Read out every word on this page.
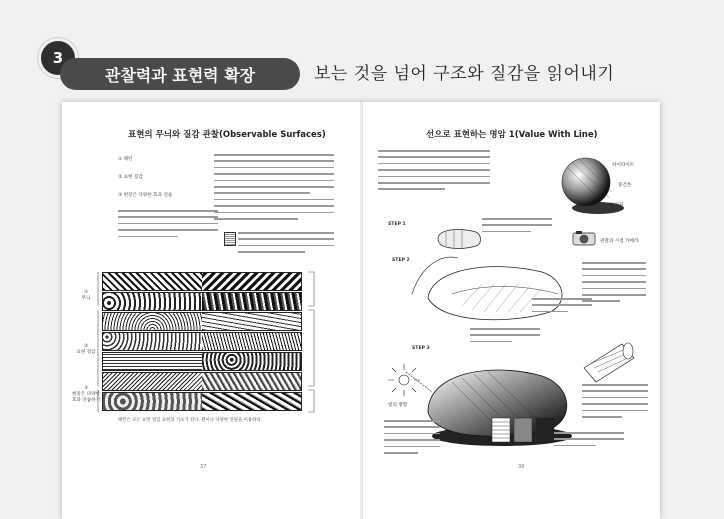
3
관찰력과 표현력 확장	보는 것을 넘어 구조와 질감을 읽어내기
표현의 무늬와 질감 관찰(Observable Surfaces)
① 패턴
② 표현 질감
③ 현장은 다양한 효과 연습
①
무늬
②
표현 질감
③
현장은 다양한 효과 연습하기
패턴은 모든 표면 질감 표현의 기초가 된다. 펜이나 다양한 연필을 이용하라.
37
선으로 표현하는 명암 1(Value With Line)
하이라이트
중간톤
그림자
관찰과 시점 카메라
STEP 1
STEP 2
STEP 3
빛의 방향
그림자
38
